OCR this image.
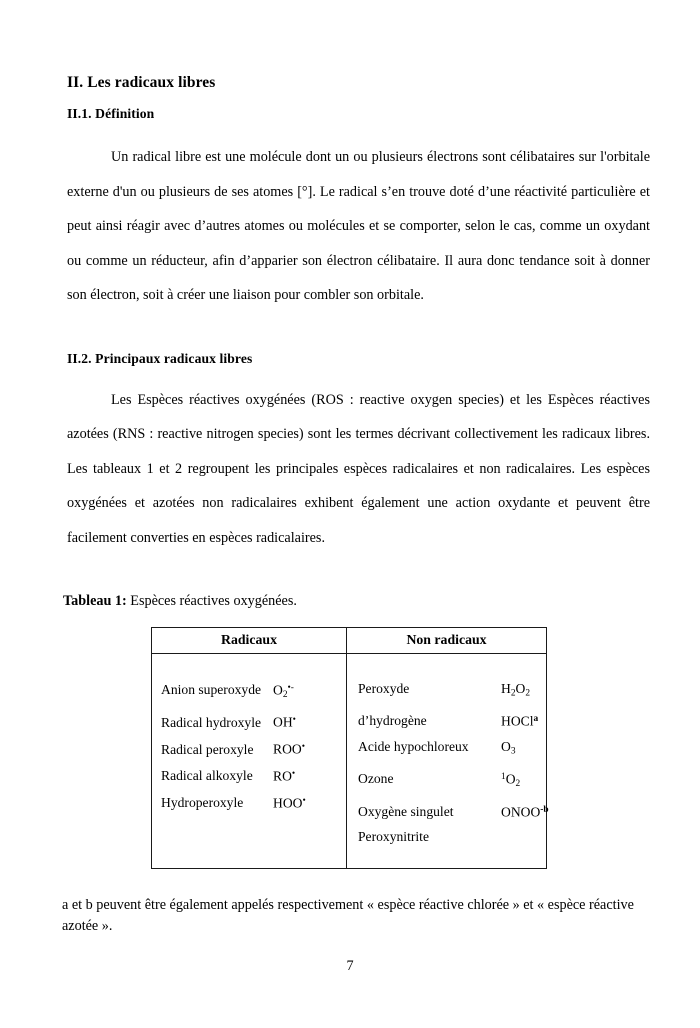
II. Les radicaux libres
II.1. Définition

Un radical libre est une molécule dont un ou plusieurs électrons sont célibataires sur l'orbitale externe d'un ou plusieurs de ses atomes [°]. Le radical s’en trouve doté d’une réactivité particulière et peut ainsi réagir avec d’autres atomes ou molécules et se comporter, selon le cas, comme un oxydant ou comme un réducteur, afin d’apparier son électron célibataire. Il aura donc tendance soit à donner son électron, soit à créer une liaison pour combler son orbitale.

II.2. Principaux radicaux libres

Les Espèces réactives oxygénées (ROS : reactive oxygen species) et les Espèces réactives azotées (RNS : reactive nitrogen species) sont les termes décrivant collectivement les radicaux libres. Les tableaux 1 et 2 regroupent les principales espèces radicalaires et non radicalaires. Les espèces oxygénées et azotées non radicalaires exhibent également une action oxydante et peuvent être facilement converties en espèces radicalaires.

Tableau 1: Espèces réactives oxygénées.

Radicaux	Non radicaux

Anion superoxyde $O_2^{•-}$
Radical hydroxyle OH•
Radical peroxyle	ROO•
Radical alkoxyle	RO•
Hydroperoxyle	HOO•

Peroxyde	$H_2O_2$
d’hydrogène	HOCl$^a$
Acide hypochloreux	$O_3$
Ozone	$^1O_2$
Oxygène singulet	$ONOO^{-b}$
Peroxynitrite

a et b peuvent être également appelés respectivement « espèce réactive chlorée » et « espèce réactive azotée ».

7
